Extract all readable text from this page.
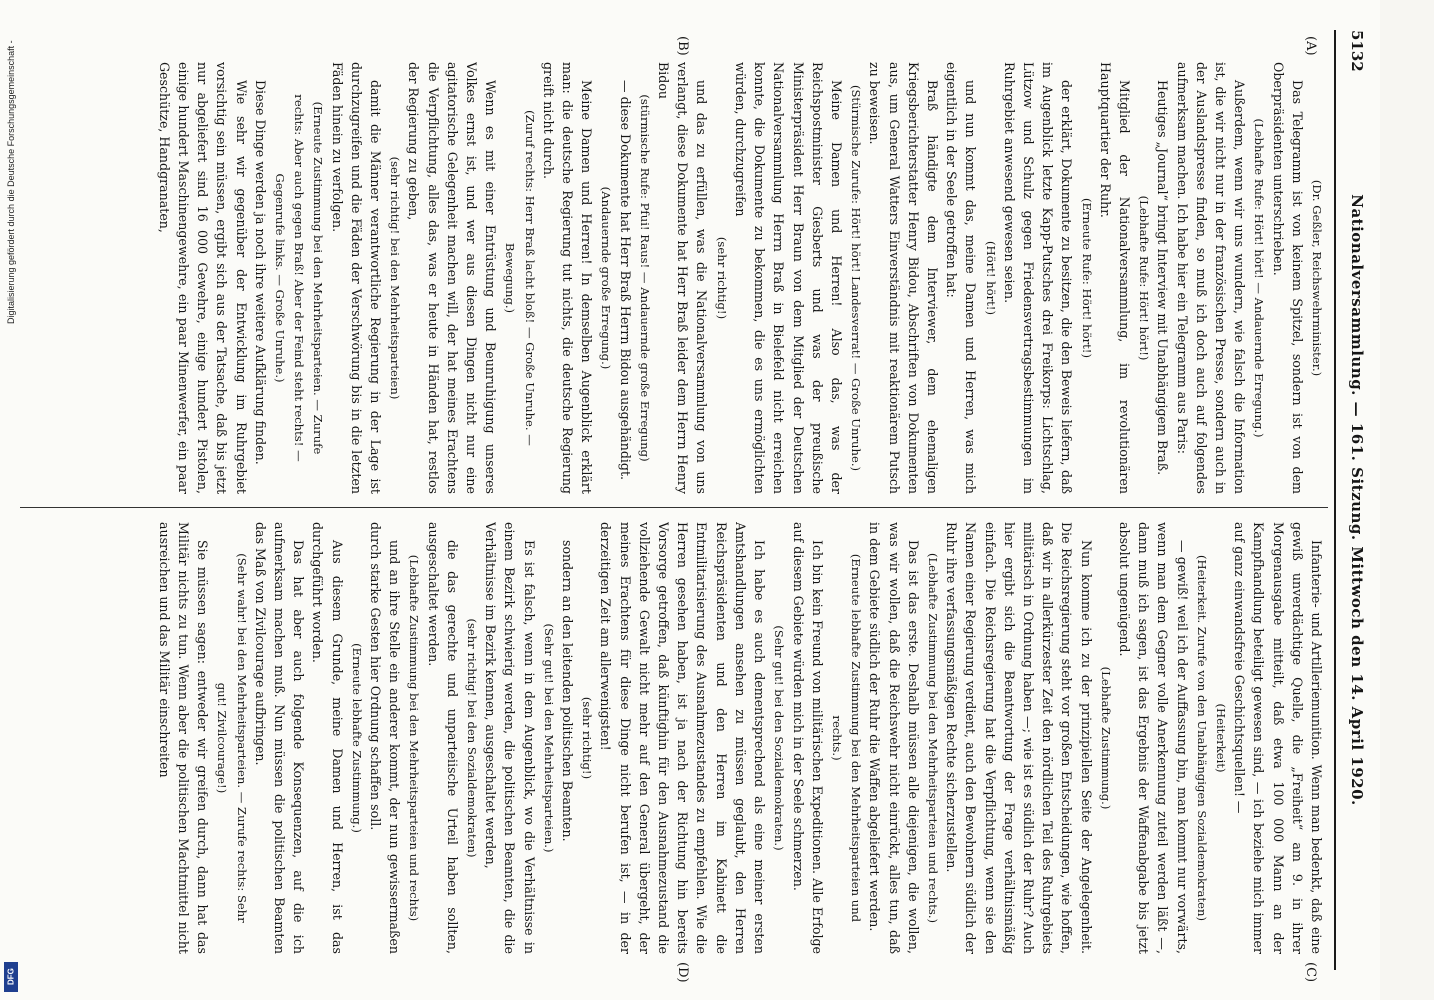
5132
Nationalversammlung. — 161. Sitzung. Mittwoch den 14. April 1920.
(A)
(B)
(C)
(D)

(Dr. Geßler, Reichswehrminister.)

Das Telegramm ist von keinem Spitzel, sondern ist von dem Oberpräsidenten unterschrieben.

(Lebhafte Rufe: Hört! hört! — Andauernde Erregung.)

Außerdem, wenn wir uns wundern, wie falsch die Information ist, die wir nicht nur in der französischen Presse, sondern auch in der Auslandspresse finden, so muß ich doch auch auf folgendes aufmerksam machen. Ich habe hier ein Telegramm aus Paris:

Heutiges „Journal“ bringt Interview mit Unabhängigem Braß.

(Lebhafte Rufe: Hört! hört!)

Mitglied der Nationalversammlung, im revolutionären Hauptquartier der Ruhr.

(Erneute Rufe: Hört! hört!)

der erklärt, Dokumente zu besitzen, die den Beweis liefern, daß im Augenblick letzte Kapp-Putsches drei Freikorps: Lichtschlag, Lützow und Schulz gegen Friedensvertragsbestimmungen im Ruhrgebiet anwesend gewesen seien.

(Hört! hört!)

und nun kommt das, meine Damen und Herren, was mich eigentlich in der Seele getroffen hat:

Braß händigte dem Interviewer, dem ehemaligen Kriegsberichterstatter Henry Bidou, Abschriften von Dokumenten aus, um General Watters Einverständnis mit reaktionärem Putsch zu beweisen.

(Stürmische Zurufe: Hört! hört! Landesverrat! — Große Unruhe.)

Meine Damen und Herren! Also das, was der Reichspostminister Giesberts und was der preußische Ministerpräsident Herr Braun von dem Mitglied der Deutschen Nationalversammlung Herrn Braß in Bielefeld nicht erreichen konnte, die Dokumente zu bekommen, die es uns ermöglichten würden, durchzugreifen

(sehr richtig!)

und das zu erfüllen, was die Nationalversammlung von uns verlangt, diese Dokumente hat Herr Braß leider dem Herrn Henry Bidou

(stürmische Rufe: Pfui! Raus! — Andauernde große Erregung)

— diese Dokumente hat Herr Braß Herrn Bidou ausgehändigt.

(Andauernde große Erregung.)

Meine Damen und Herren! In demselben Augenblick erklärt man: die deutsche Regierung tut nichts, die deutsche Regierung greift nicht durch.

(Zuruf rechts: Herr Braß lacht bloß! — Große Unruhe. — Bewegung.)

Wenn es mit einer Entrüstung und Beunruhigung unseres Volkes ernst ist, und wer aus diesen Dingen nicht nur eine agitatorische Gelegenheit machen will, der hat meines Erachtens die Verpflichtung, alles das, was er heute in Händen hat, restlos der Regierung zu geben,

(sehr richtig! bei den Mehrheitsparteien)

damit die Männer verantwortliche Regierung in der Lage ist durchzugreifen und die Fäden der Verschwörung bis in die letzten Fäden hinein zu verfolgen.

(Erneute Zustimmung bei den Mehrheitsparteien. — Zurufe rechts: Aber auch gegen Braß! Aber der Feind steht rechts! — Gegenrufe links. — Große Unruhe.)

Diese Dinge werden ja noch ihre weitere Aufklärung finden.

Wie sehr wir gegenüber der Entwicklung im Ruhrgebiet vorsichtig sein müssen, ergibt sich aus der Tatsache, daß bis jetzt nur abgeliefert sind 16 000 Gewehre, einige hundert Pistolen, einige hundert Maschinengewehre, ein paar Minenwerfer, ein paar Geschütze, Handgranaten,

Infanterie- und Artilleriemunition. Wenn man bedenkt, daß eine gewiß unverdächtige Quelle, die „Freiheit“ am 9. in ihrer Morgenausgabe mitteilt, daß etwa 100 000 Mann an der Kampfhandlung beteiligt gewesen sind, — ich beziehe mich immer auf ganz einwandsfreie Geschichtsquellen! —

(Heiterkeit)

(Heiterkeit. Zurufe von den Unabhängigen Sozialdemokraten)

— gewiß! weil ich der Auffassung bin, man kommt nur vorwärts, wenn man dem Gegner volle Anerkennung zuteil werden läßt —, dann muß ich sagen, ist das Ergebnis der Waffenabgabe bis jetzt absolut ungenügend.

(Lebhafte Zustimmung.)

Nun komme ich zu der prinzipiellen Seite der Angelegenheit. Die Reichsregierung steht vor großen Entscheidungen, wie hoffen, daß wir in allerkürzester Zeit den nördlichen Teil des Ruhrgebiets militärisch in Ordnung haben —; wie ist es südlich der Ruhr? Auch hier ergibt sich die Beantwortung der Frage verhältnismäßig einfach. Die Reichsregierung hat die Verpflichtung, wenn sie den Namen einer Regierung verdient, auch den Bewohnern südlich der Ruhr ihre verfassungsmäßigen Rechte sicherzustellen.

(Lebhafte Zustimmung bei den Mehrheitsparteien und rechts.)

Das ist das erste. Deshalb müssen alle diejenigen, die wollen, was wir wollen, daß die Reichswehr nicht einrückt, alles tun, daß in dem Gebiete südlich der Ruhr die Waffen abgeliefert werden.

(Erneute lebhafte Zustimmung bei den Mehrheitsparteien und rechts.)

Ich bin kein Freund von militärischen Expeditionen. Alle Erfolge auf diesem Gebiete würden mich in der Seele schmerzen.

(Sehr gut! bei den Sozialdemokraten.)

Ich habe es auch dementsprechend als eine meiner ersten Amtshandlungen ansehen zu müssen geglaubt, den Herren Reichspräsidenten und den Herren im Kabinett die Entmilitarisierung des Ausnahmezustandes zu empfehlen. Wie die Herren gesehen haben, ist ja nach der Richtung hin bereits Vorsorge getroffen, daß künftighin für den Ausnahmezustand die vollziehende Gewalt nicht mehr auf den General übergeht, der meines Erachtens für diese Dinge nicht berufen ist, — in der derzeitigen Zeit am allerwenigsten!

(sehr richtig!)

sondern an den leitenden politischen Beamten.

(Sehr gut! bei den Mehrheitsparteien.)

Es ist falsch, wenn in dem Augenblick, wo die Verhältnisse in einem Bezirk schwierig werden, die politischen Beamten, die die Verhältnisse im Bezirk kennen, ausgeschaltet werden,

(sehr richtig! bei den Sozialdemokraten)

die das gerechte und unparteiische Urteil haben sollten, ausgeschaltet werden.

(Lebhafte Zustimmung bei den Mehrheitsparteien und rechts)

und an ihre Stelle ein anderer kommt, der nun gewissermaßen durch starke Gesten hier Ordnung schaffen soll.

(Erneute lebhafte Zustimmung.)

Aus diesem Grunde, meine Damen und Herren, ist das durchgeführt worden.

Das hat aber auch folgende Konsequenzen, auf die ich aufmerksam machen muß. Nun müssen die politischen Beamten das Maß von Zivilcourage aufbringen.

(Sehr wahr! bei den Mehrheitsparteien. — Zurufe rechts: Sehr gut! Zivilcourage!)

Sie müssen sagen: entweder wir greifen durch, dann hat das Militär nichts zu tun. Wenn aber die politischen Machtmittel nicht ausreichen und das Militär einschreiten

Digitalisierung gefördert durch die Deutsche Forschungsgemeinschaft -
DFG
